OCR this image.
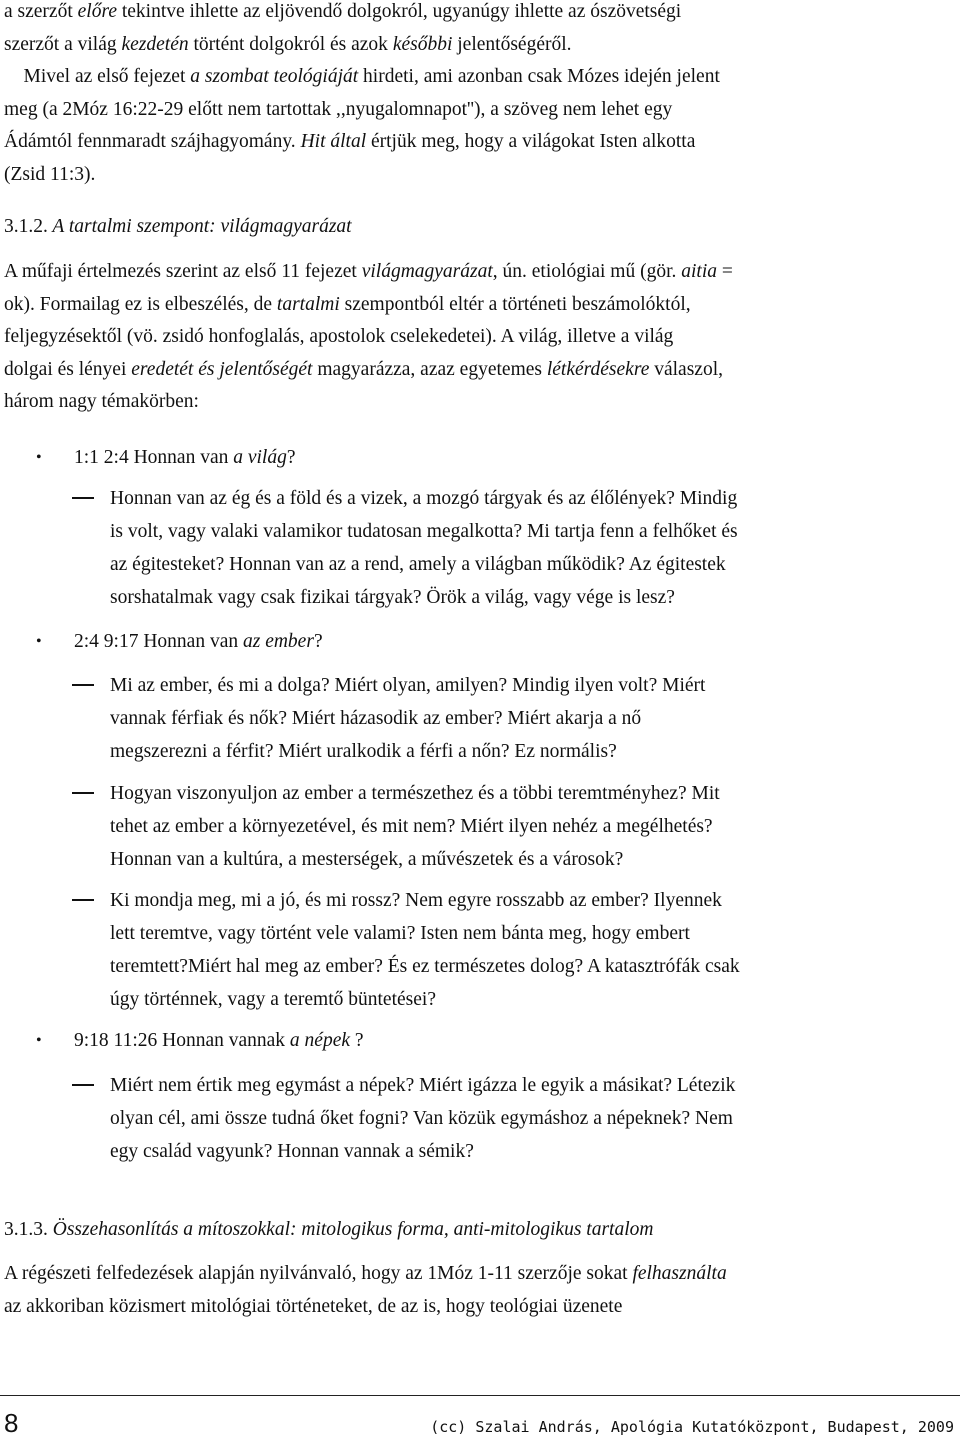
a szerzőt előre tekintve ihlette az eljövendő dolgokról, ugyanúgy ihlette az ószövetségi
szerzőt a világ kezdetén történt dolgokról és azok későbbi jelentőségéről.
Mivel az első fejezet a szombat teológiáját hirdeti, ami azonban csak Mózes idején jelent
meg (a 2Móz 16:22-29 előtt nem tartottak ,,nyugalomnapot''), a szöveg nem lehet egy
Ádámtól fennmaradt szájhagyomány. Hit által értjük meg, hogy a világokat Isten alkotta
(Zsid 11:3).
3.1.2. A tartalmi szempont: világmagyarázat
A műfaji értelmezés szerint az első 11 fejezet világmagyarázat, ún. etiológiai mű (gör. aitia =
ok). Formailag ez is elbeszélés, de tartalmi szempontból eltér a történeti beszámolóktól,
feljegyzésektől (vö. zsidó honfoglalás, apostolok cselekedetei). A világ, illetve a világ
dolgai és lényei eredetét és jelentőségét magyarázza, azaz egyetemes létkérdésekre válaszol,
három nagy témakörben:
• 1:1 2:4 Honnan van a világ?
Honnan van az ég és a föld és a vizek, a mozgó tárgyak és az élőlények? Mindig
is volt, vagy valaki valamikor tudatosan megalkotta? Mi tartja fenn a felhőket és
az égitesteket? Honnan van az a rend, amely a világban működik? Az égitestek
sorshatalmak vagy csak fizikai tárgyak? Örök a világ, vagy vége is lesz?
• 2:4 9:17 Honnan van az ember?
Mi az ember, és mi a dolga? Miért olyan, amilyen? Mindig ilyen volt? Miért
vannak férfiak és nők? Miért házasodik az ember? Miért akarja a nő
megszerezni a férfit? Miért uralkodik a férfi a nőn? Ez normális?
Hogyan viszonyuljon az ember a természethez és a többi teremtményhez? Mit
tehet az ember a környezetével, és mit nem? Miért ilyen nehéz a megélhetés?
Honnan van a kultúra, a mesterségek, a művészetek és a városok?
Ki mondja meg, mi a jó, és mi rossz? Nem egyre rosszabb az ember? Ilyennek
lett teremtve, vagy történt vele valami? Isten nem bánta meg, hogy embert
teremtett?Miért hal meg az ember? És ez természetes dolog? A katasztrófák csak
úgy történnek, vagy a teremtő büntetései?
• 9:18 11:26 Honnan vannak a népek ?
Miért nem értik meg egymást a népek? Miért igázza le egyik a másikat? Létezik
olyan cél, ami össze tudná őket fogni? Van közük egymáshoz a népeknek? Nem
egy család vagyunk? Honnan vannak a sémik?
3.1.3. Összehasonlítás a mítoszokkal: mitologikus forma, anti-mitologikus tartalom
A régészeti felfedezések alapján nyilvánvaló, hogy az 1Móz 1-11 szerzője sokat felhasználta
az akkoriban közismert mitológiai történeteket, de az is, hogy teológiai üzenete
8	(cc) Szalai András, Apológia Kutatóközpont, Budapest, 2009
